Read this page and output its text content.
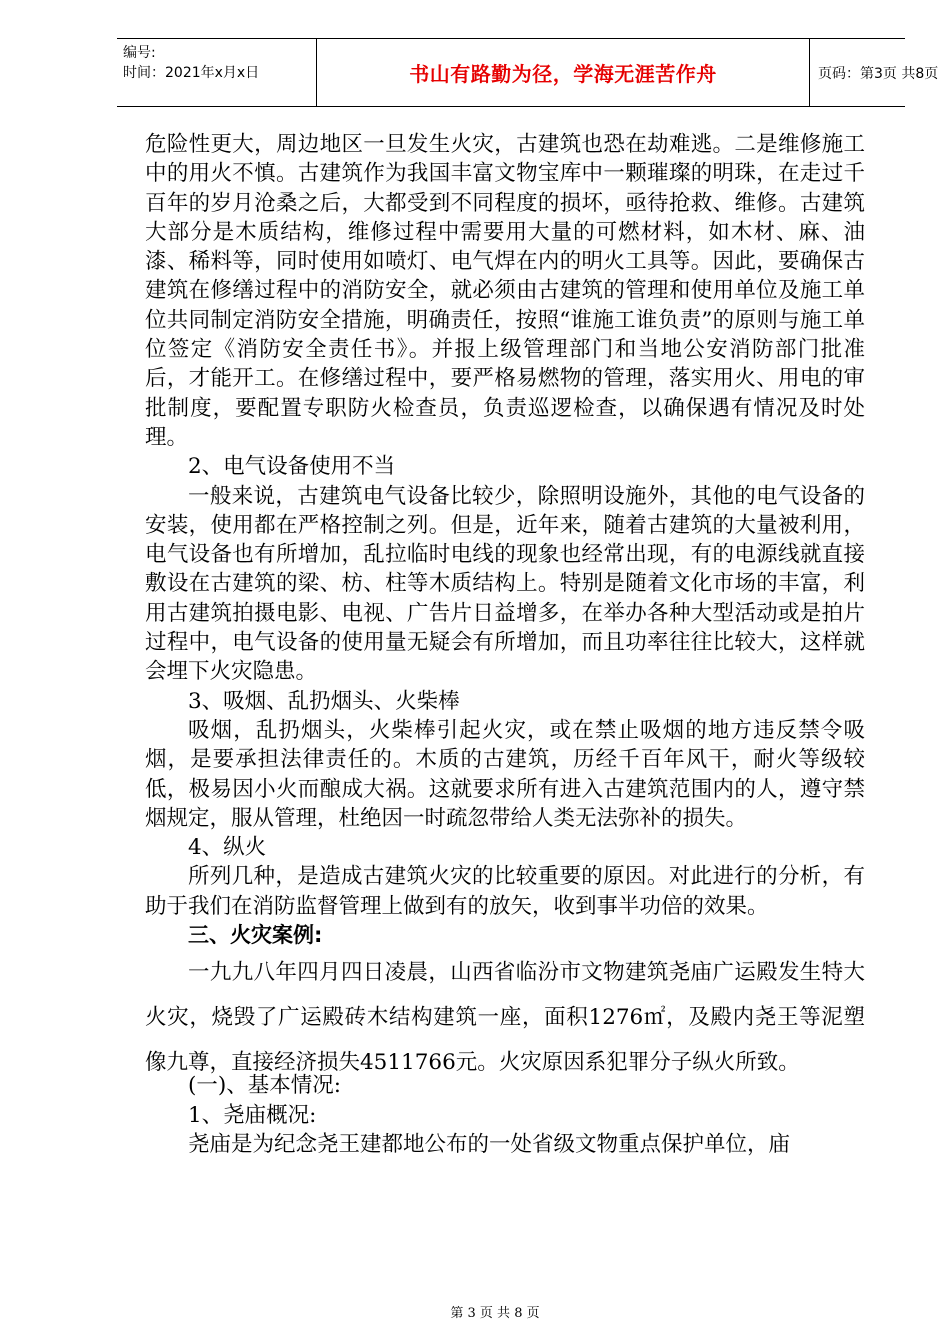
编号:
时间：2021年x月x日	书山有路勤为径，学海无涯苦作舟	页码：第3页 共8页

危险性更大，周边地区一旦发生火灾，古建筑也恐在劫难逃。二是维修施工中的用火不慎。古建筑作为我国丰富文物宝库中一颗璀璨的明珠，在走过千百年的岁月沧桑之后，大都受到不同程度的损坏，亟待抢救、维修。古建筑大部分是木质结构，维修过程中需要用大量的可燃材料，如木材、麻、油漆、稀料等，同时使用如喷灯、电气焊在内的明火工具等。因此，要确保古建筑在修缮过程中的消防安全，就必须由古建筑的管理和使用单位及施工单位共同制定消防安全措施，明确责任，按照“谁施工谁负责”的原则与施工单位签定《消防安全责任书》。并报上级管理部门和当地公安消防部门批准后，才能开工。在修缮过程中，要严格易燃物的管理，落实用火、用电的审批制度，要配置专职防火检查员，负责巡逻检查，以确保遇有情况及时处理。

2、电气设备使用不当

一般来说，古建筑电气设备比较少，除照明设施外，其他的电气设备的安装，使用都在严格控制之列。但是，近年来，随着古建筑的大量被利用，电气设备也有所增加，乱拉临时电线的现象也经常出现，有的电源线就直接敷设在古建筑的梁、枋、柱等木质结构上。特别是随着文化市场的丰富，利用古建筑拍摄电影、电视、广告片日益增多，在举办各种大型活动或是拍片过程中，电气设备的使用量无疑会有所增加，而且功率往往比较大，这样就会埋下火灾隐患。

3、吸烟、乱扔烟头、火柴棒

吸烟，乱扔烟头，火柴棒引起火灾，或在禁止吸烟的地方违反禁令吸烟，是要承担法律责任的。木质的古建筑，历经千百年风干，耐火等级较低，极易因小火而酿成大祸。这就要求所有进入古建筑范围内的人，遵守禁烟规定，服从管理，杜绝因一时疏忽带给人类无法弥补的损失。

4、纵火

所列几种，是造成古建筑火灾的比较重要的原因。对此进行的分析，有助于我们在消防监督管理上做到有的放矢，收到事半功倍的效果。

三、火灾案例:

一九九八年四月四日凌晨，山西省临汾市文物建筑尧庙广运殿发生特大火灾，烧毁了广运殿砖木结构建筑一座，面积1276㎡，及殿内尧王等泥塑像九尊，直接经济损失4511766元。火灾原因系犯罪分子纵火所致。

(一)、基本情况:

1、尧庙概况:

尧庙是为纪念尧王建都地公布的一处省级文物重点保护单位，庙

第 3 页 共 8 页
